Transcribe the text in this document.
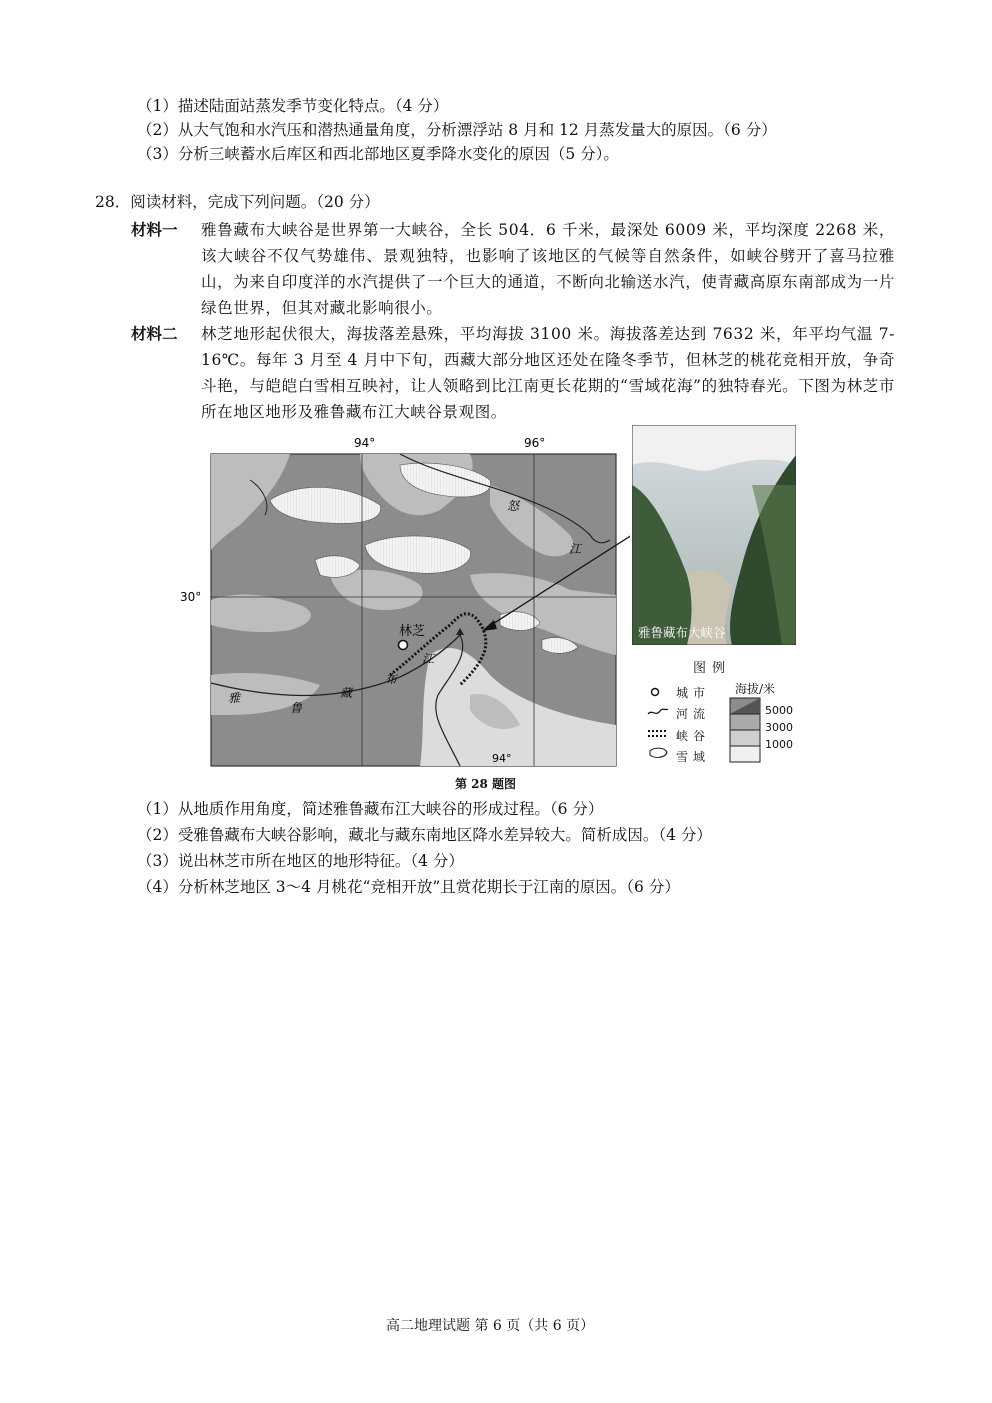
（1）描述陆面站蒸发季节变化特点。（4 分）
（2）从大气饱和水汽压和潜热通量角度，分析漂浮站 8 月和 12 月蒸发量大的原因。（6 分）
（3）分析三峡蓄水后库区和西北部地区夏季降水变化的原因（5 分）。
28．阅读材料，完成下列问题。（20 分）
材料一 雅鲁藏布大峡谷是世界第一大峡谷，全长 504．6 千米，最深处 6009 米，平均深度 2268 米，该大峡谷不仅气势雄伟、景观独特，也影响了该地区的气候等自然条件，如峡谷劈开了喜马拉雅山，为来自印度洋的水汽提供了一个巨大的通道，不断向北输送水汽，使青藏高原东南部成为一片绿色世界，但其对藏北影响很小。
材料二 林芝地形起伏很大，海拔落差悬殊，平均海拔 3100 米。海拔落差达到 7632 米，年平均气温 7-16℃。每年 3 月至 4 月中下旬，西藏大部分地区还处在隆冬季节，但林芝的桃花竞相开放，争奇斗艳，与皑皑白雪相互映衬，让人领略到比江南更长花期的“雪域花海”的独特春光。下图为林芝市所在地区地形及雅鲁藏布江大峡谷景观图。
94°	96°
30°
94°
林芝
怒
江
雅
鲁
藏
布
江
雅鲁藏布大峡谷
图例
城市
河流
峡谷
雪域
海拔/米
5000
3000
1000
第 28 题图
（1）从地质作用角度，简述雅鲁藏布江大峡谷的形成过程。（6 分）
（2）受雅鲁藏布大峡谷影响，藏北与藏东南地区降水差异较大。简析成因。（4 分）
（3）说出林芝市所在地区的地形特征。（4 分）
（4）分析林芝地区 3～4 月桃花“竞相开放”且赏花期长于江南的原因。（6 分）
高二地理试题 第 6 页（共 6 页）
